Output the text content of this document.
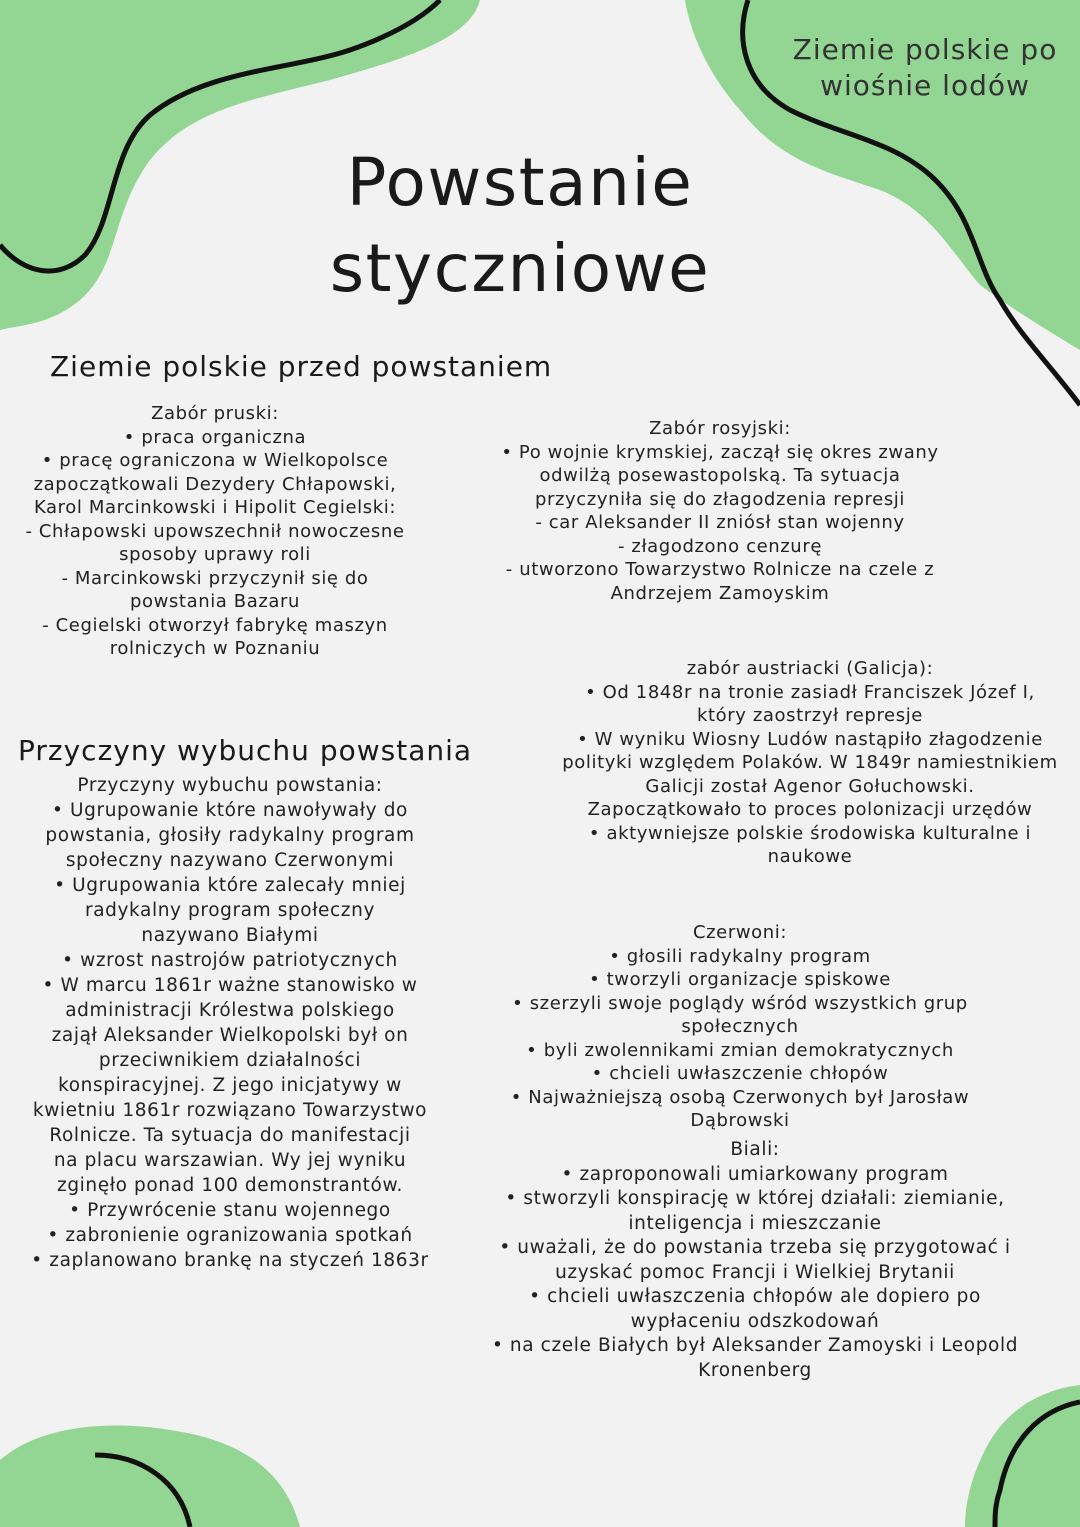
Ziemie polskie po
wiośnie lodów
Powstanie
styczniowe
Ziemie polskie przed powstaniem
Zabór pruski:
• praca organiczna
• pracę ograniczona w Wielkopolsce
zapoczątkowali Dezydery Chłapowski,
Karol Marcinkowski i Hipolit Cegielski:
- Chłapowski upowszechnił nowoczesne
sposoby uprawy roli
- Marcinkowski przyczynił się do
powstania Bazaru
- Cegielski otworzył fabrykę maszyn
rolniczych w Poznaniu
Zabór rosyjski:
• Po wojnie krymskiej, zaczął się okres zwany
odwilżą posewastopolską. Ta sytuacja
przyczyniła się do złagodzenia represji
- car Aleksander II zniósł stan wojenny
- złagodzono cenzurę
- utworzono Towarzystwo Rolnicze na czele z
Andrzejem Zamoyskim
zabór austriacki (Galicja):
• Od 1848r na tronie zasiadł Franciszek Józef I,
który zaostrzył represje
• W wyniku Wiosny Ludów nastąpiło złagodzenie
polityki względem Polaków. W 1849r namiestnikiem
Galicji został Agenor Gołuchowski.
Zapoczątkowało to proces polonizacji urzędów
• aktywniejsze polskie środowiska kulturalne i
naukowe
Przyczyny wybuchu powstania
Przyczyny wybuchu powstania:
• Ugrupowanie które nawoływały do
powstania, głosiły radykalny program
społeczny nazywano Czerwonymi
• Ugrupowania które zalecały mniej
radykalny program społeczny
nazywano Białymi
• wzrost nastrojów patriotycznych
• W marcu 1861r ważne stanowisko w
administracji Królestwa polskiego
zajął Aleksander Wielkopolski był on
przeciwnikiem działalności
konspiracyjnej. Z jego inicjatywy w
kwietniu 1861r rozwiązano Towarzystwo
Rolnicze. Ta sytuacja do manifestacji
na placu warszawian. Wy jej wyniku
zginęło ponad 100 demonstrantów.
• Przywrócenie stanu wojennego
• zabronienie ogranizowania spotkań
• zaplanowano brankę na styczeń 1863r
Czerwoni:
• głosili radykalny program
• tworzyli organizacje spiskowe
• szerzyli swoje poglądy wśród wszystkich grup
społecznych
• byli zwolennikami zmian demokratycznych
• chcieli uwłaszczenie chłopów
• Najważniejszą osobą Czerwonych był Jarosław
Dąbrowski
Biali:
• zaproponowali umiarkowany program
• stworzyli konspirację w której działali: ziemianie,
inteligencja i mieszczanie
• uważali, że do powstania trzeba się przygotować i
uzyskać pomoc Francji i Wielkiej Brytanii
• chcieli uwłaszczenia chłopów ale dopiero po
wypłaceniu odszkodowań
• na czele Białych był Aleksander Zamoyski i Leopold
Kronenberg
